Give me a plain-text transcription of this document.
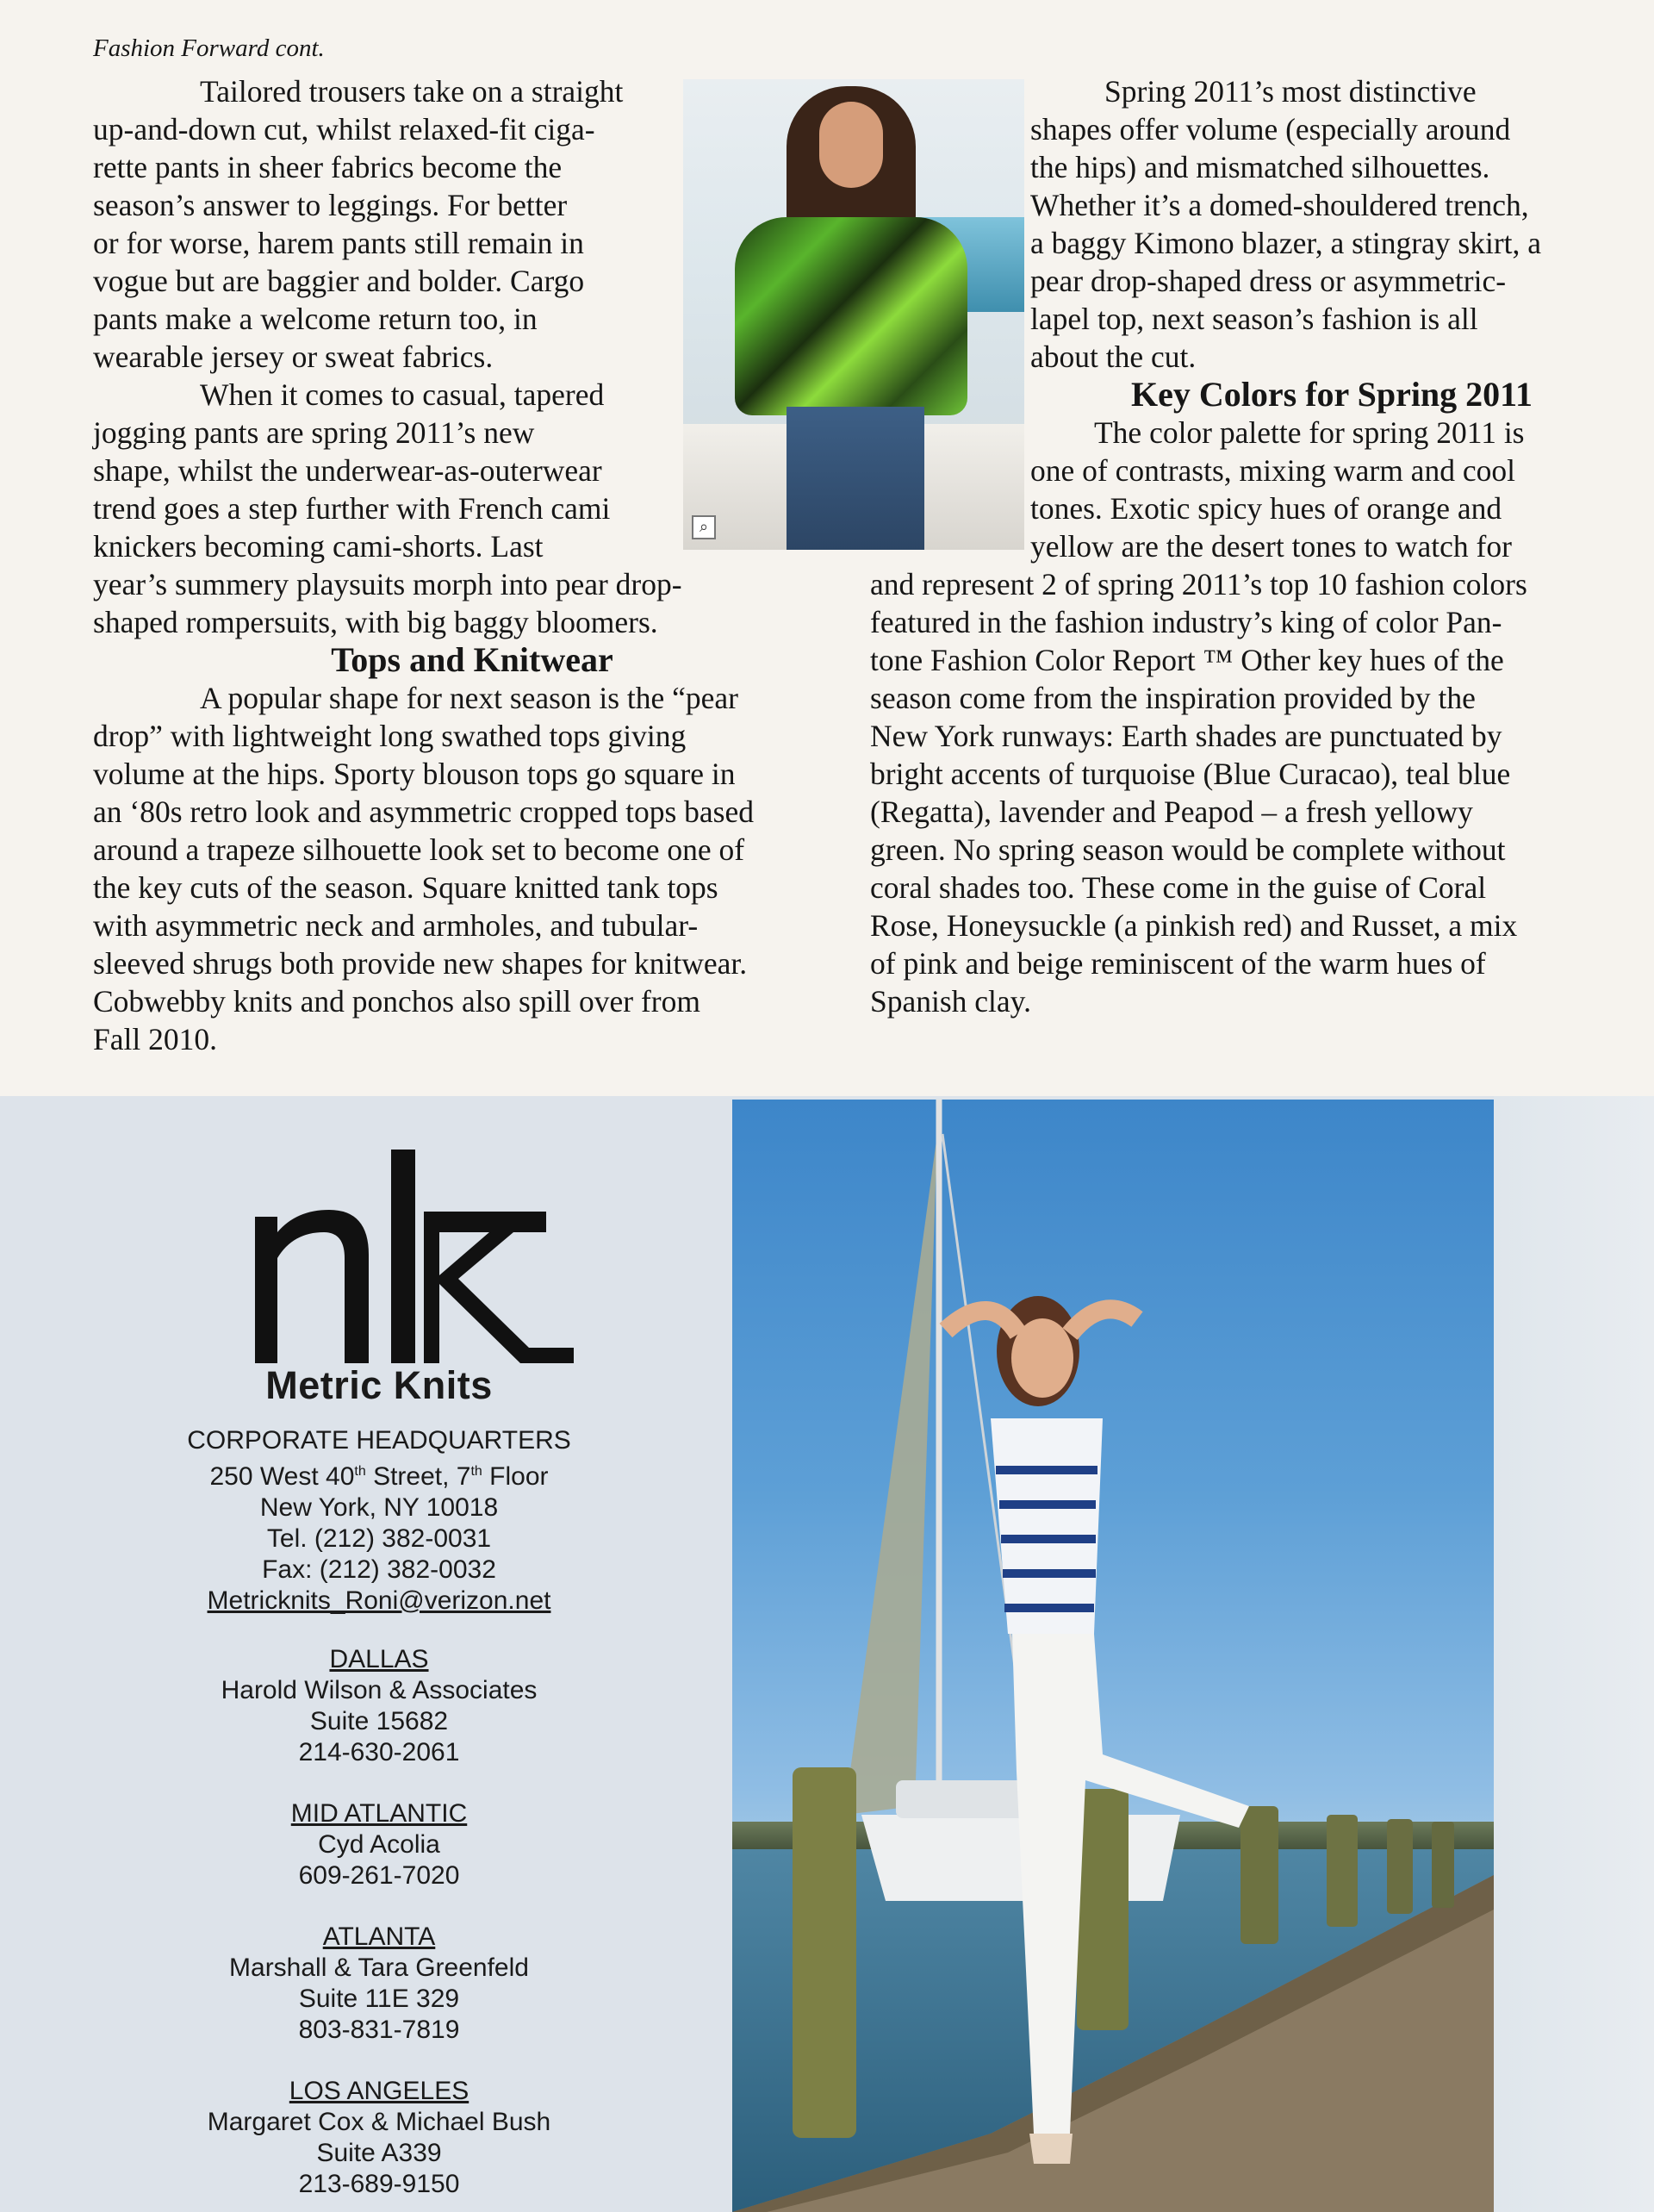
Fashion Forward cont.

Tailored trousers take on a straight
up-and-down cut, whilst relaxed-fit ciga-
rette pants in sheer fabrics become the
season’s answer to leggings. For better
or for worse, harem pants still remain in
vogue but are baggier and bolder. Cargo
pants make a welcome return too, in
wearable jersey or sweat fabrics.

When it comes to casual, tapered
jogging pants are spring 2011’s new
shape, whilst the underwear-as-outerwear
trend goes a step further with French cami
knickers becoming cami-shorts. Last
year’s summery playsuits morph into pear drop-
shaped rompersuits, with big baggy bloomers.

Tops and Knitwear

A popular shape for next season is the “pear
drop” with lightweight long swathed tops giving
volume at the hips. Sporty blouson tops go square in
an ‘80s retro look and asymmetric cropped tops based
around a trapeze silhouette look set to become one of
the key cuts of the season. Square knitted tank tops
with asymmetric neck and armholes, and tubular-
sleeved shrugs both provide new shapes for knitwear.
Cobwebby knits and ponchos also spill over from
Fall 2010.

⌕

Spring 2011’s most distinctive
shapes offer volume (especially around
the hips) and mismatched silhouettes.
Whether it’s a domed-shouldered trench,
a baggy Kimono blazer, a stingray skirt, a
pear drop-shaped dress or asymmetric-
lapel top, next season’s fashion is all
about the cut.

Key Colors for Spring 2011

The color palette for spring 2011 is
one of contrasts, mixing warm and cool
tones. Exotic spicy hues of orange and
yellow are the desert tones to watch for

and represent 2 of spring 2011’s top 10 fashion colors
featured in the fashion industry’s king of color Pan-
tone Fashion Color Report ™ Other key hues of the
season come from the inspiration provided by the
New York runways: Earth shades are punctuated by
bright accents of turquoise (Blue Curacao), teal blue
(Regatta), lavender and Peapod – a fresh yellowy
green. No spring season would be complete without
coral shades too. These come in the guise of Coral
Rose, Honeysuckle (a pinkish red) and Russet, a mix
of pink and beige reminiscent of the warm hues of
Spanish clay.

Metric Knits

CORPORATE HEADQUARTERS
250 West 40th Street, 7th Floor
New York, NY 10018
Tel. (212) 382-0031
Fax: (212) 382-0032
Metricknits_Roni@verizon.net
DALLAS
Harold Wilson & Associates
Suite 15682
214-630-2061
MID ATLANTIC
Cyd Acolia
609-261-7020
ATLANTA
Marshall & Tara Greenfeld
Suite 11E 329
803-831-7819
LOS ANGELES
Margaret Cox & Michael Bush
Suite A339
213-689-9150
